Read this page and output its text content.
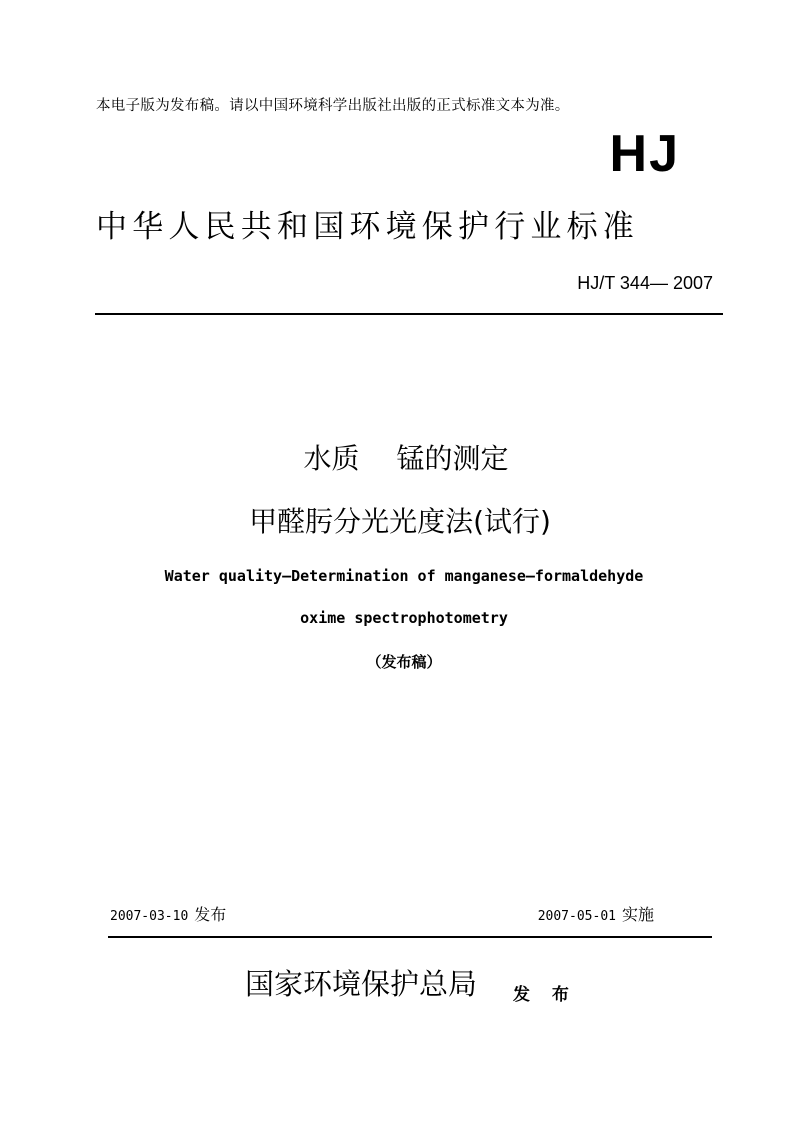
本电子版为发布稿。请以中国环境科学出版社出版的正式标准文本为准。
HJ
中华人民共和国环境保护行业标准
HJ/T 344— 2007
水质　 锰的测定
甲醛肟分光光度法(试行)
Water quality—Determination of manganese—formaldehyde
oxime spectrophotometry
（发布稿）
2007-03-10 发布	2007-05-01 实施
国家环境保护总局 发 布
